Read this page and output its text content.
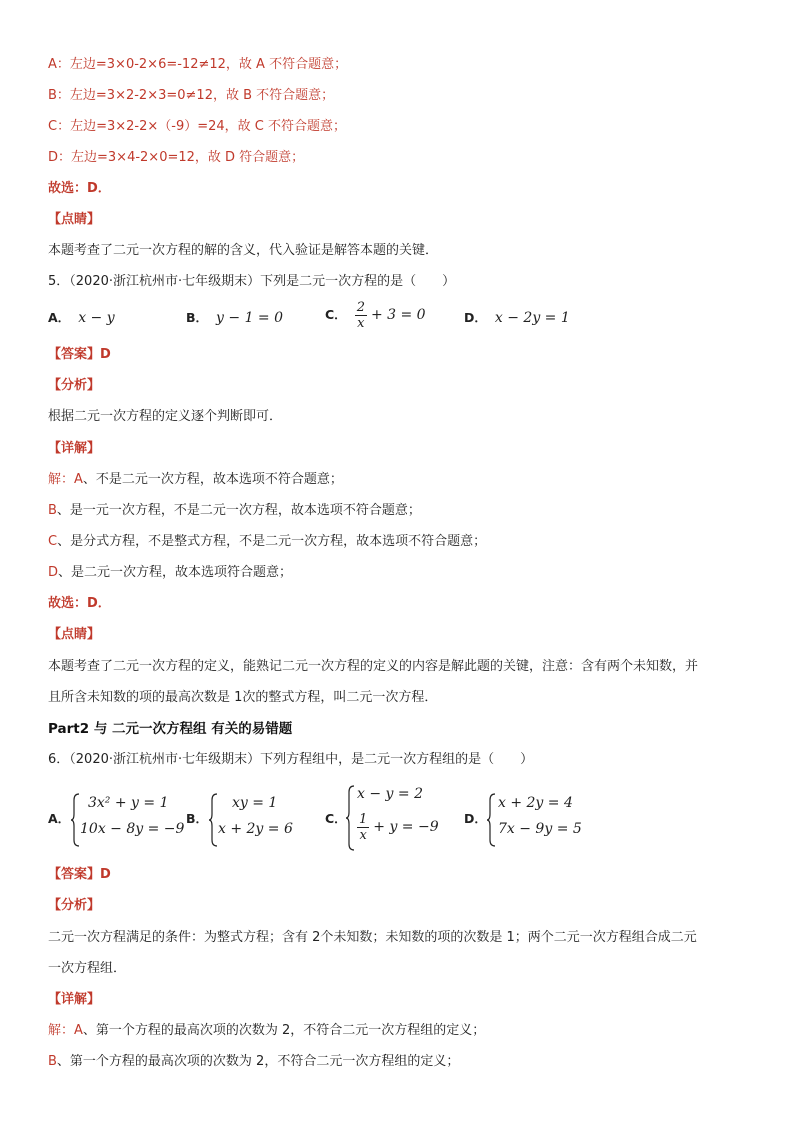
A：左边=3×0-2×6=-12≠12，故 A 不符合题意；
B：左边=3×2-2×3=0≠12，故 B 不符合题意；
C：左边=3×2-2×（-9）=24，故 C 不符合题意；
D：左边=3×4-2×0=12，故 D 符合题意；
故选：D．
【点睛】
本题考查了二元一次方程的解的含义，代入验证是解答本题的关键．
5．（2020·浙江杭州市·七年级期末）下列是二元一次方程的是（　　）
A． x − y	B． y − 1 = 0	C． $\frac{2}{x} + 3 = 0$	D． x − 2y = 1
【答案】D
【分析】
根据二元一次方程的定义逐个判断即可．
【详解】
解：A、不是二元一次方程，故本选项不符合题意；
B、是一元一次方程，不是二元一次方程，故本选项不符合题意；
C、是分式方程，不是整式方程，不是二元一次方程，故本选项不符合题意；
D、是二元一次方程，故本选项符合题意；
故选：D．
【点睛】
本题考查了二元一次方程的定义，能熟记二元一次方程的定义的内容是解此题的关键，注意：含有两个未知数，并
且所含未知数的项的最高次数是 1次的整式方程，叫二元一次方程．
Part2 与 二元一次方程组 有关的易错题
6．（2020·浙江杭州市·七年级期末）下列方程组中，是二元一次方程组的是（　　）
A．
3x² + y = 1
10x − 8y = −9
B．
xy = 1
x + 2y = 6
C．
x − y = 2
$\frac{1}{x} + y = -9$
D．
x + 2y = 4
7x − 9y = 5
【答案】D
【分析】
二元一次方程满足的条件：为整式方程；含有 2个未知数；未知数的项的次数是 1；两个二元一次方程组合成二元
一次方程组．
【详解】
解：A、第一个方程的最高次项的次数为 2，不符合二元一次方程组的定义；
B、第一个方程的最高次项的次数为 2，不符合二元一次方程组的定义；
